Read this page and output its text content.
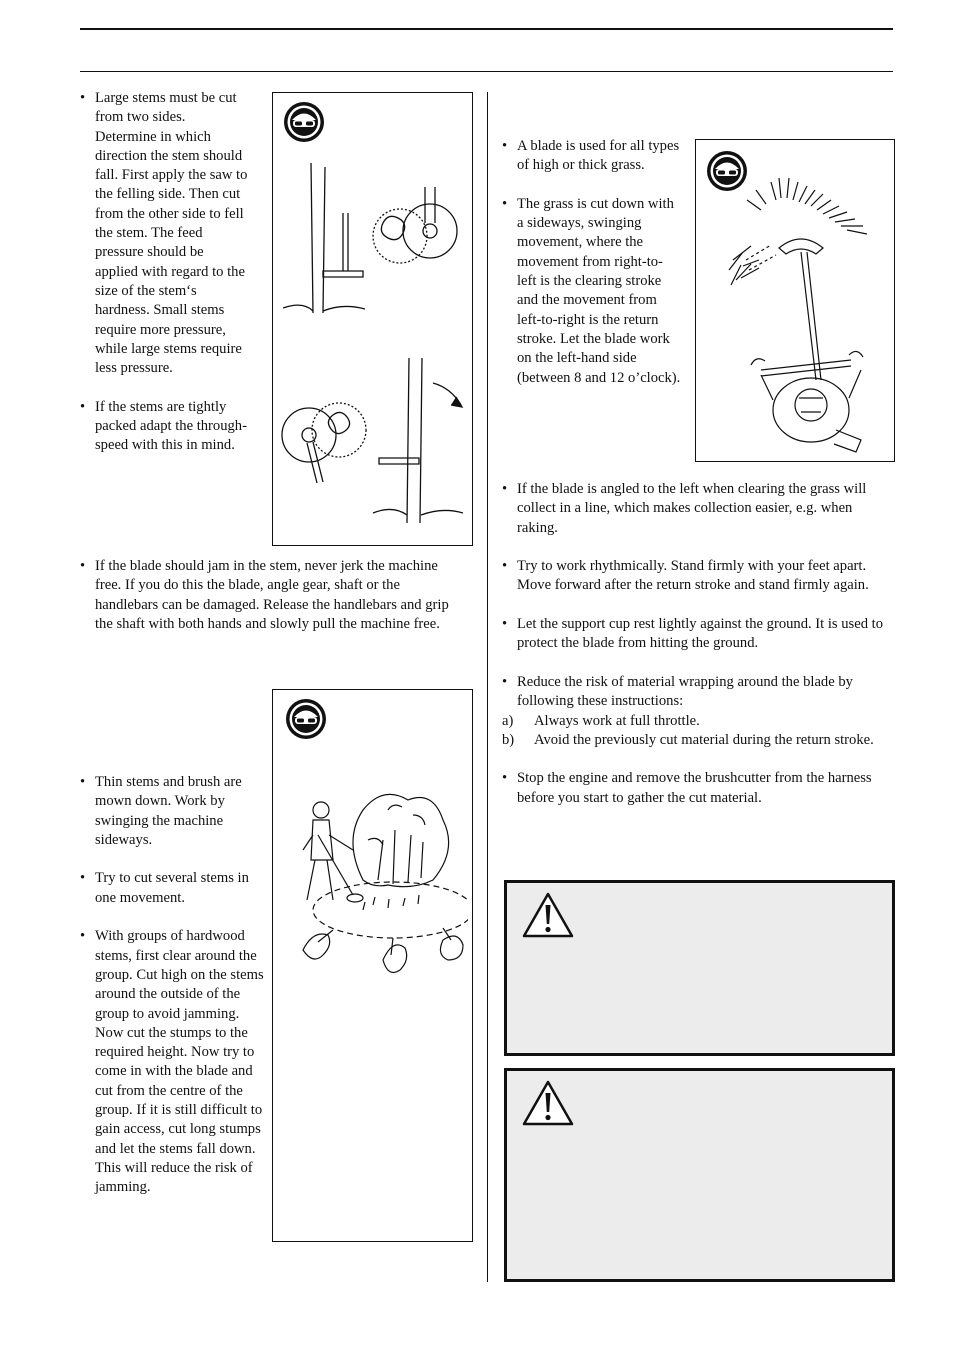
• Large stems must be cut from two sides. Determine in which direction the stem should fall. First apply the saw to the felling side. Then cut from the other side to fell the stem. The feed pressure should be applied with regard to the size of the stem‘s hardness. Small stems require more pressure, while large stems require less pressure.
• If the stems are tightly packed adapt the through-speed with this in mind.
• If the blade should jam in the stem, never jerk the machine free. If you do this the blade, angle gear, shaft or the handlebars can be damaged. Release the handlebars and grip the shaft with both hands and slowly pull the machine free.
• Thin stems and brush are mown down. Work by swinging the machine sideways.
• Try to cut several stems in one movement.
• With groups of hardwood stems, first clear around the group. Cut high on the stems around the outside of the group to avoid jamming. Now cut the stumps to the required height. Now try to come in with the blade and cut from the centre of the group. If it is still difficult to gain access, cut long stumps and let the stems fall down. This will reduce the risk of jamming.
• A blade is used for all types of high or thick grass.
• The grass is cut down with a sideways, swinging movement, where the movement from right-to-left is the clearing stroke and the movement from left-to-right is the return stroke. Let the blade work on the left-hand side (between 8 and 12 o’clock).
• If the blade is angled to the left when clearing the grass will collect in a line, which makes collection easier, e.g. when raking.
• Try to work rhythmically. Stand firmly with your feet apart. Move forward after the return stroke and stand firmly again.
• Let the support cup rest lightly against the ground. It is used to protect the blade from hitting the ground.
• Reduce the risk of material wrapping around the blade by following these instructions:
a) Always work at full throttle.
b) Avoid the previously cut material during the return stroke.
• Stop the engine and remove the brushcutter from the harness before you start to gather the cut material.
